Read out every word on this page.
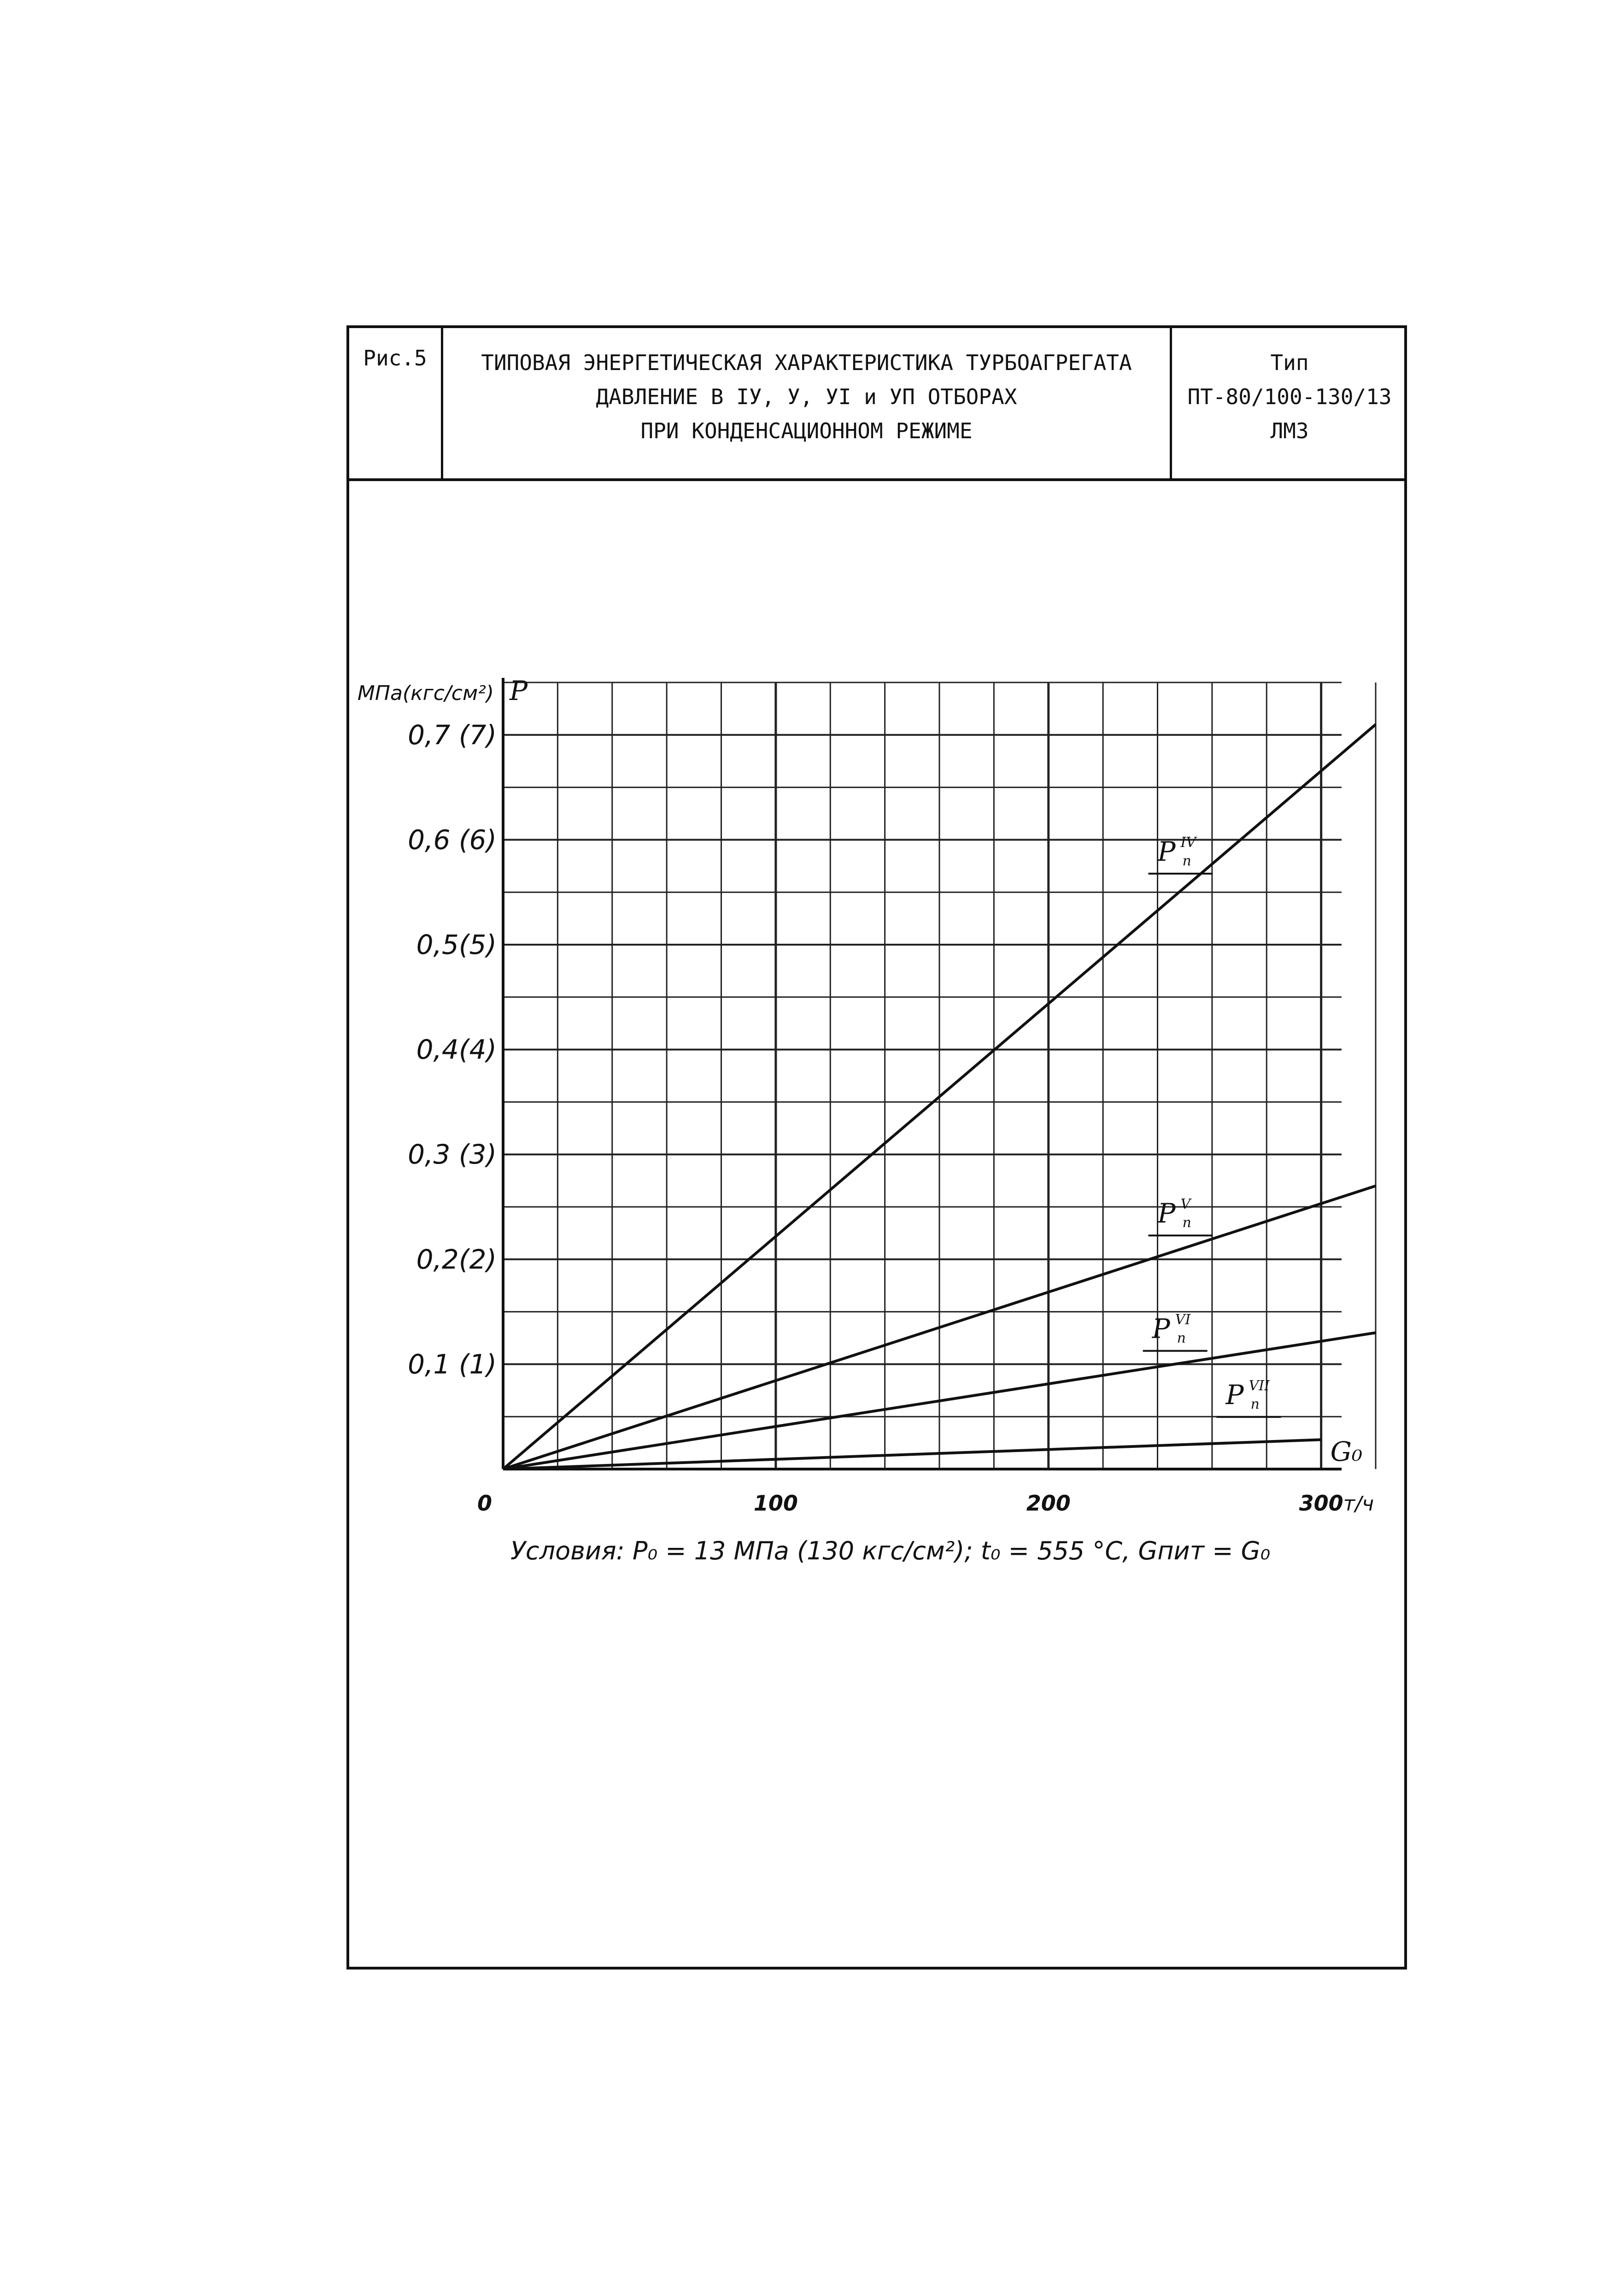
Рис.5	ТИПОВАЯ ЭНЕРГЕТИЧЕСКАЯ ХАРАКТЕРИСТИКА ТУРБОАГРЕГАТА
ДАВЛЕНИЕ В IУ, У, УI и УП ОТБОРАХ
ПРИ КОНДЕНСАЦИОННОМ РЕЖИМЕ
Тип
ПТ-80/100-130/13
ЛМЗ
0,1 (1)
0,2(2)
0,3 (3)
0,4(4)
0,5(5)
0,6 (6)
0,7 (7)
0	100	200	300 т/ч
МПа(кгс/см²) P
G₀
P IV
п
P V
п
P VI
п
P VII
п
Условия: P₀ = 13 МПа (130 кгс/см²); t₀ = 555 °С, Gпит = G₀
